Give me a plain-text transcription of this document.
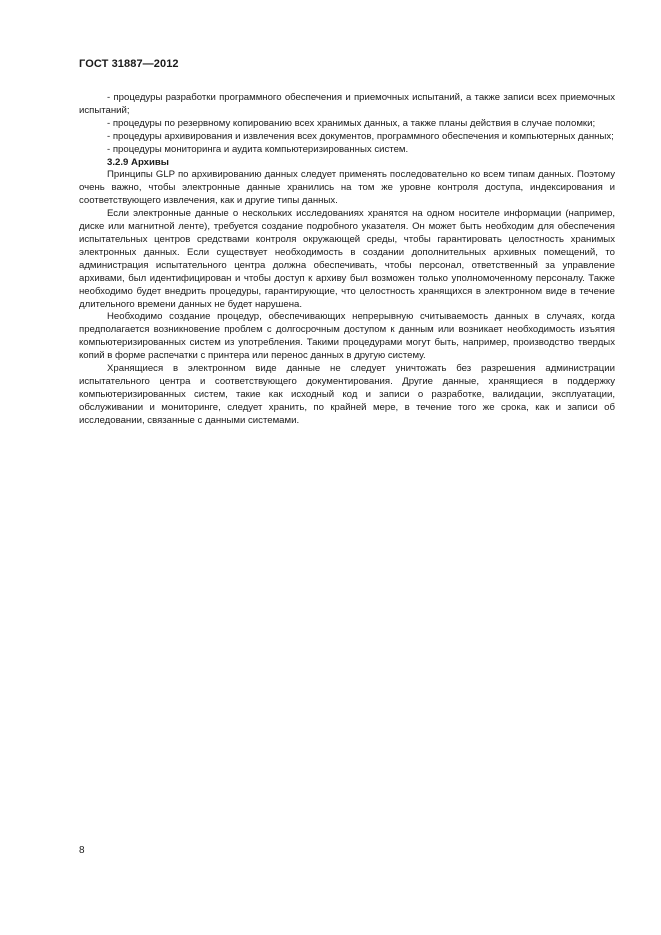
ГОСТ 31887—2012

- процедуры разработки программного обеспечения и приемочных испытаний, а также записи всех приемочных испытаний;

- процедуры по резервному копированию всех хранимых данных, а также планы действия в случае поломки;

- процедуры архивирования и извлечения всех документов, программного обеспечения и компьютерных данных;

- процедуры мониторинга и аудита компьютеризированных систем.

3.2.9 Архивы

Принципы GLP по архивированию данных следует применять последовательно ко всем типам данных. Поэтому очень важно, чтобы электронные данные хранились на том же уровне контроля доступа, индексирования и соответствующего извлечения, как и другие типы данных.

Если электронные данные о нескольких исследованиях хранятся на одном носителе информации (например, диске или магнитной ленте), требуется создание подробного указателя. Он может быть необходим для обеспечения испытательных центров средствами контроля окружающей среды, чтобы гарантировать целостность хранимых электронных данных. Если существует необходимость в создании дополнительных архивных помещений, то администрация испытательного центра должна обеспечивать, чтобы персонал, ответственный за управление архивами, был идентифицирован и чтобы доступ к архиву был возможен только уполномоченному персоналу. Также необходимо будет внедрить процедуры, гарантирующие, что целостность хранящихся в электронном виде в течение длительного времени данных не будет нарушена.

Необходимо создание процедур, обеспечивающих непрерывную считываемость данных в случаях, когда предполагается возникновение проблем с долгосрочным доступом к данным или возникает необходимость изъятия компьютеризированных систем из употребления. Такими процедурами могут быть, например, производство твердых копий в форме распечатки с принтера или перенос данных в другую систему.

Хранящиеся в электронном виде данные не следует уничтожать без разрешения администрации испытательного центра и соответствующего документирования. Другие данные, хранящиеся в поддержку компьютеризированных систем, такие как исходный код и записи о разработке, валидации, эксплуатации, обслуживании и мониторинге, следует хранить, по крайней мере, в течение того же срока, как и записи об исследовании, связанные с данными системами.

8
